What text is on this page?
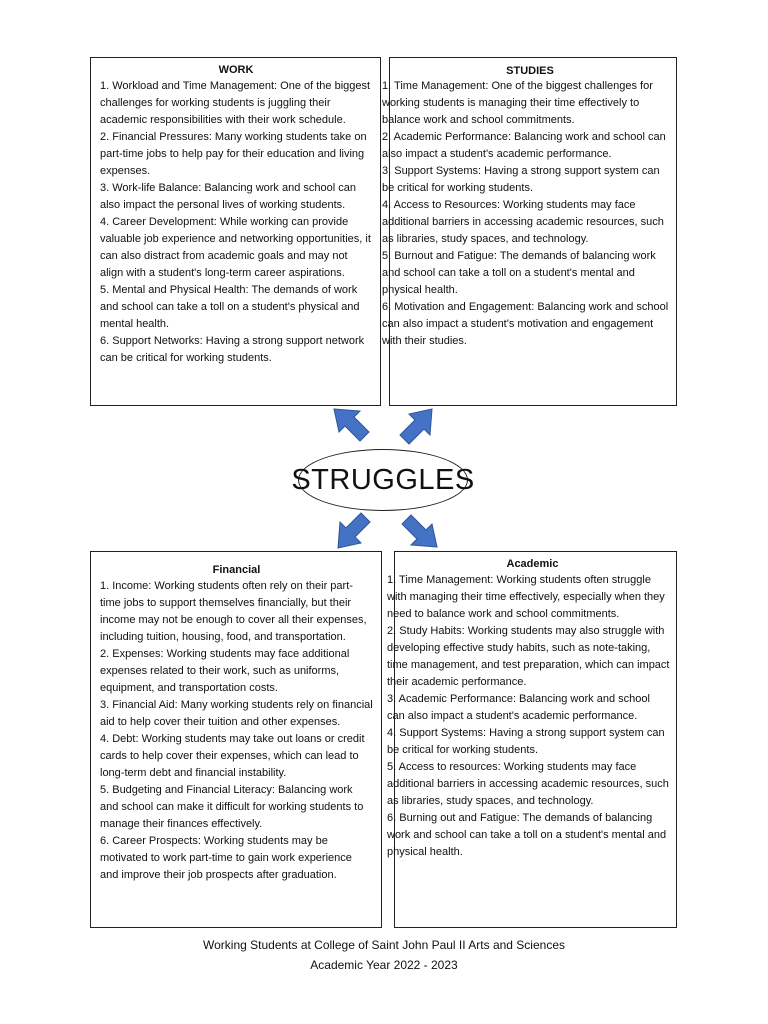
WORK

1. Workload and Time Management: One of the biggest challenges for working students is juggling their academic responsibilities with their work schedule.

2. Financial Pressures: Many working students take on part-time jobs to help pay for their education and living expenses.

3. Work-life Balance: Balancing work and school can also impact the personal lives of working students.

4. Career Development: While working can provide valuable job experience and networking opportunities, it can also distract from academic goals and may not align with a student's long-term career aspirations.

5. Mental and Physical Health: The demands of work and school can take a toll on a student's physical and mental health.

6. Support Networks: Having a strong support network can be critical for working students.

STUDIES

1. Time Management: One of the biggest challenges for working students is managing their time effectively to balance work and school commitments.

2. Academic Performance: Balancing work and school can also impact a student's academic performance.

3. Support Systems: Having a strong support system can be critical for working students.

4. Access to Resources: Working students may face additional barriers in accessing academic resources, such as libraries, study spaces, and technology.

5. Burnout and Fatigue: The demands of balancing work and school can take a toll on a student's mental and physical health.

6. Motivation and Engagement: Balancing work and school can also impact a student's motivation and engagement with their studies.

STRUGGLES

Financial

1. Income: Working students often rely on their part-time jobs to support themselves financially, but their income may not be enough to cover all their expenses, including tuition, housing, food, and transportation.

2. Expenses: Working students may face additional expenses related to their work, such as uniforms, equipment, and transportation costs.

3. Financial Aid: Many working students rely on financial aid to help cover their tuition and other expenses.

4. Debt: Working students may take out loans or credit cards to help cover their expenses, which can lead to long-term debt and financial instability.

5. Budgeting and Financial Literacy: Balancing work and school can make it difficult for working students to manage their finances effectively.

6. Career Prospects: Working students may be motivated to work part-time to gain work experience and improve their job prospects after graduation.

Academic

1. Time Management: Working students often struggle with managing their time effectively, especially when they need to balance work and school commitments.

2. Study Habits: Working students may also struggle with developing effective study habits, such as note-taking, time management, and test preparation, which can impact their academic performance.

3. Academic Performance: Balancing work and school can also impact a student's academic performance.

4. Support Systems: Having a strong support system can be critical for working students.

5. Access to resources: Working students may face additional barriers in accessing academic resources, such as libraries, study spaces, and technology.

6. Burning out and Fatigue: The demands of balancing work and school can take a toll on a student's mental and physical health.

Working Students at College of Saint John Paul II Arts and Sciences
Academic Year 2022 - 2023
